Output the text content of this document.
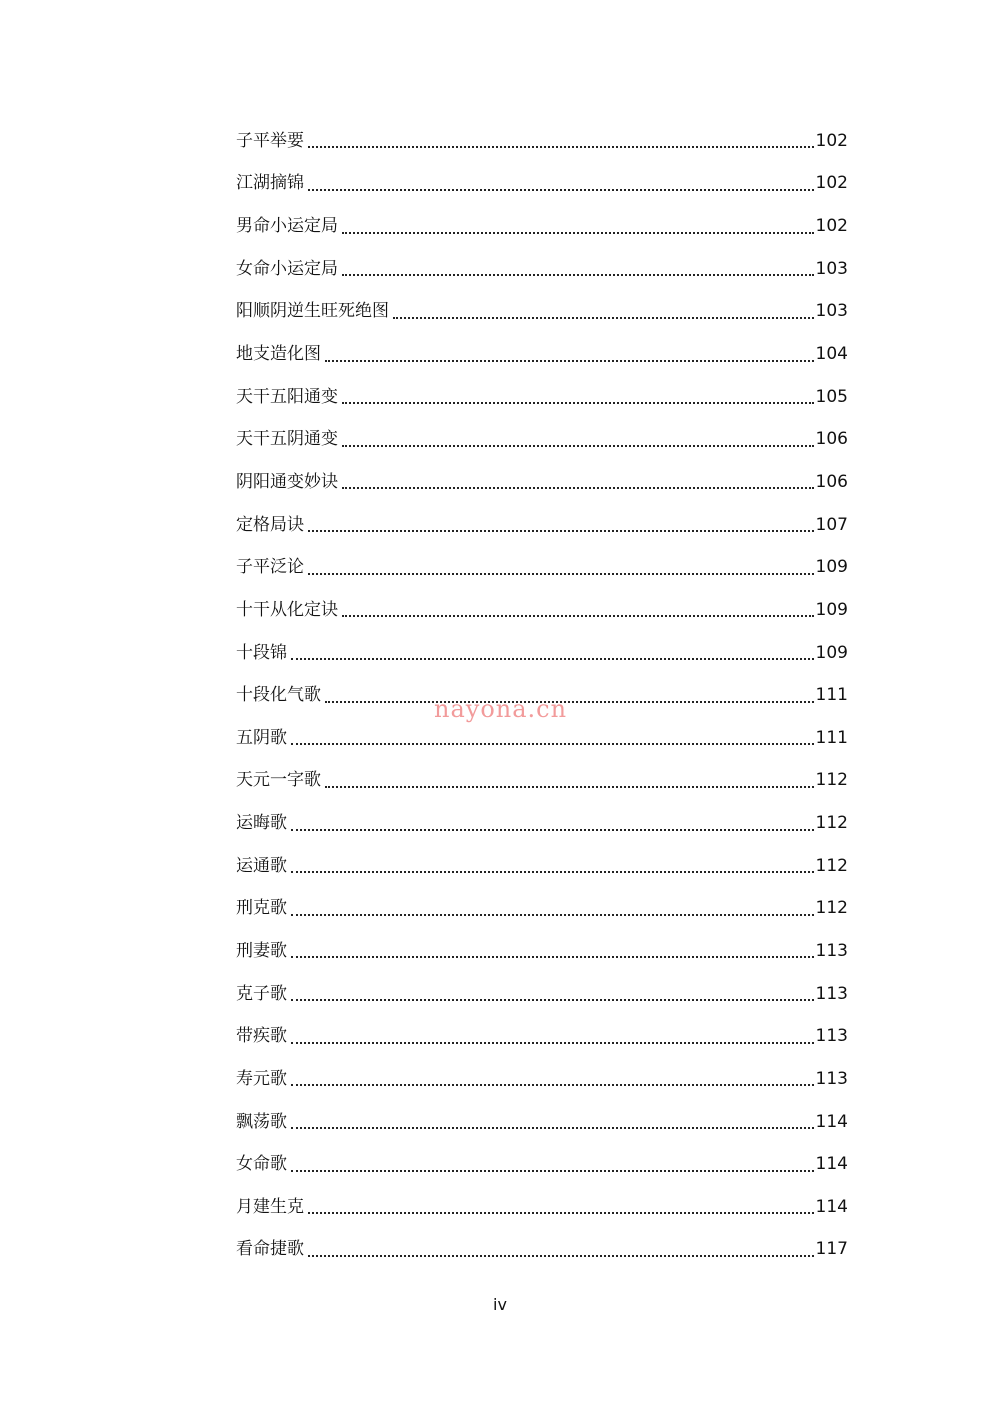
子平举要	102
江湖摘锦	102
男命小运定局	102
女命小运定局	103
阳顺阴逆生旺死绝图	103
地支造化图	104
天干五阳通变	105
天干五阴通变	106
阴阳通变妙诀	106
定格局诀	107
子平泛论	109
十干从化定诀	109
十段锦	109
十段化气歌	111
五阴歌	111
天元一字歌	112
运晦歌	112
运通歌	112
刑克歌	112
刑妻歌	113
克子歌	113
带疾歌	113
寿元歌	113
飘荡歌	114
女命歌	114
月建生克	114
看命捷歌	117
nayona.cn
iv
